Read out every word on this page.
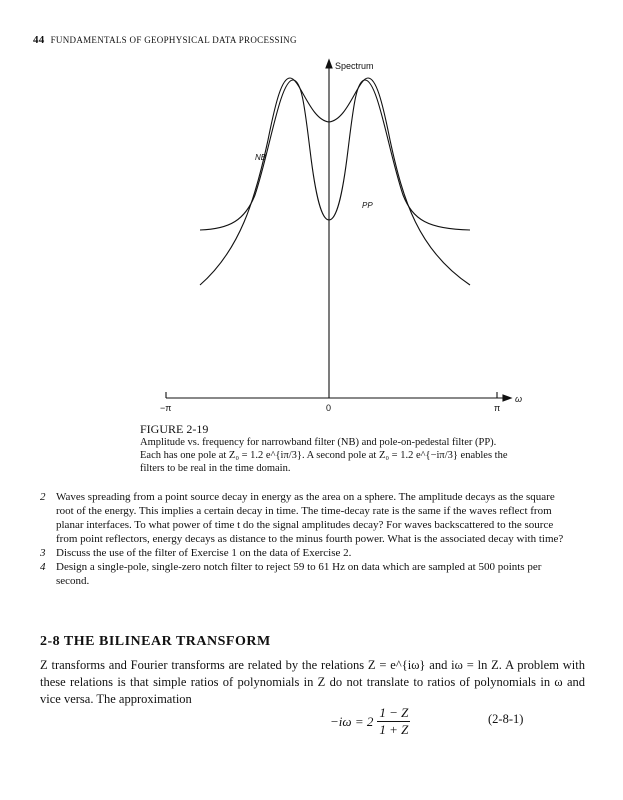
44 FUNDAMENTALS OF GEOPHYSICAL DATA PROCESSING
Spectrum
ω
−π	0	π
NB
PP
FIGURE 2-19
Amplitude vs. frequency for narrowband filter (NB) and pole-on-pedestal filter (PP). Each has one pole at Z₀ = 1.2 e^{iπ/3}. A second pole at Z₀ = 1.2 e^{−iπ/3} enables the filters to be real in the time domain.
2 Waves spreading from a point source decay in energy as the area on a sphere. The amplitude decays as the square root of the energy. This implies a certain decay in time. The time-decay rate is the same if the waves reflect from planar interfaces. To what power of time t do the signal amplitudes decay? For waves backscattered to the source from point reflectors, energy decays as distance to the minus fourth power. What is the associated decay with time?
3 Discuss the use of the filter of Exercise 1 on the data of Exercise 2.
4 Design a single-pole, single-zero notch filter to reject 59 to 61 Hz on data which are sampled at 500 points per second.
2-8 THE BILINEAR TRANSFORM
Z transforms and Fourier transforms are related by the relations Z = e^{iω} and iω = ln Z. A problem with these relations is that simple ratios of polynomials in Z do not translate to ratios of polynomials in ω and vice versa. The approximation
$-i\omega = 2 \frac{1 - Z}{1 + Z}$	(2-8-1)
